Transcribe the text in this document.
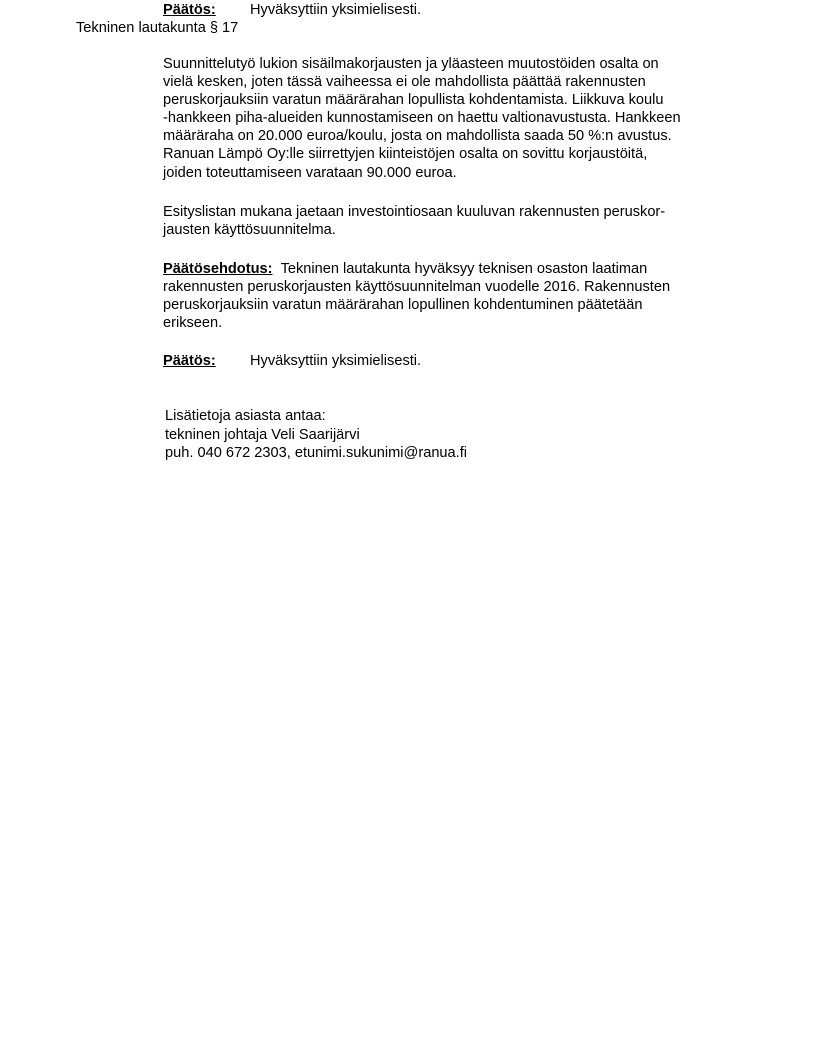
Päätös: Hyväksyttiin yksimielisesti.
Tekninen lautakunta § 17
Suunnittelutyö lukion sisäilmakorjausten ja yläasteen muutostöiden osalta on
vielä kesken, joten tässä vaiheessa ei ole mahdollista päättää rakennusten
peruskorjauksiin varatun määrärahan lopullista kohdentamista. Liikkuva koulu
-hankkeen piha-alueiden kunnostamiseen on haettu valtionavustusta. Hankkeen
määräraha on 20.000 euroa/koulu, josta on mahdollista saada 50 %:n avustus.
Ranuan Lämpö Oy:lle siirrettyjen kiinteistöjen osalta on sovittu korjaustöitä,
joiden toteuttamiseen varataan 90.000 euroa.
Esityslistan mukana jaetaan investointiosaan kuuluvan rakennusten peruskor-
jausten käyttösuunnitelma.
Päätösehdotus: Tekninen lautakunta hyväksyy teknisen osaston laatiman
rakennusten peruskorjausten käyttösuunnitelman vuodelle 2016. Rakennusten
peruskorjauksiin varatun määrärahan lopullinen kohdentuminen päätetään
erikseen.
Päätös: Hyväksyttiin yksimielisesti.
Lisätietoja asiasta antaa:
tekninen johtaja Veli Saarijärvi
puh. 040 672 2303, etunimi.sukunimi@ranua.fi
